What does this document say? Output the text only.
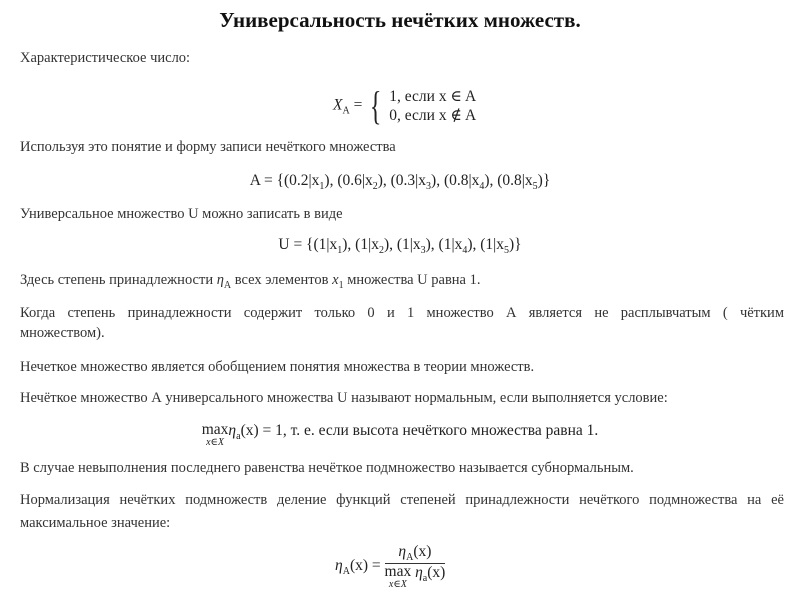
Универсальность нечётких множеств.
Характеристическое число:
$X_A$ = { 1, если x ∈ A
0, если x ∉ A
Используя это понятие и форму записи нечёткого множества
$A = \{(0.2|x_1)$, $(0.6|x_2)$, $(0.3|x_3)$, $(0.8|x_4)$, $(0.8|x_5)$}
Универсальное множество U можно записать в виде
$U = \{(1|x_1)$, $(1|x_2)$, $(1|x_3)$, $(1|x_4)$, $(1|x_5)$}
Здесь степень принадлежности $\eta_A$ всех элементов $x_1$ множества U равна 1.
Когда степень принадлежности содержит только 0 и 1 множество А является не расплывчатым ( чётким
множеством).
Нечеткое множество является обобщением понятия множества в теории множеств.
Нечёткое множество А универсального множества U называют нормальным, если выполняется условие:
max
x∈X
$\eta_a(x) = 1$, т. е. если высота нечёткого множества равна 1.
В случае невыполнения последнего равенства нечёткое подмножество называется субнормальным.
Нормализация нечётких подмножеств деление функций степеней принадлежности нечёткого подмножества на её
максимальное значение:
$\eta_A(x) = \eta_A(x)$
max
x∈X
$\eta_a(x)$
